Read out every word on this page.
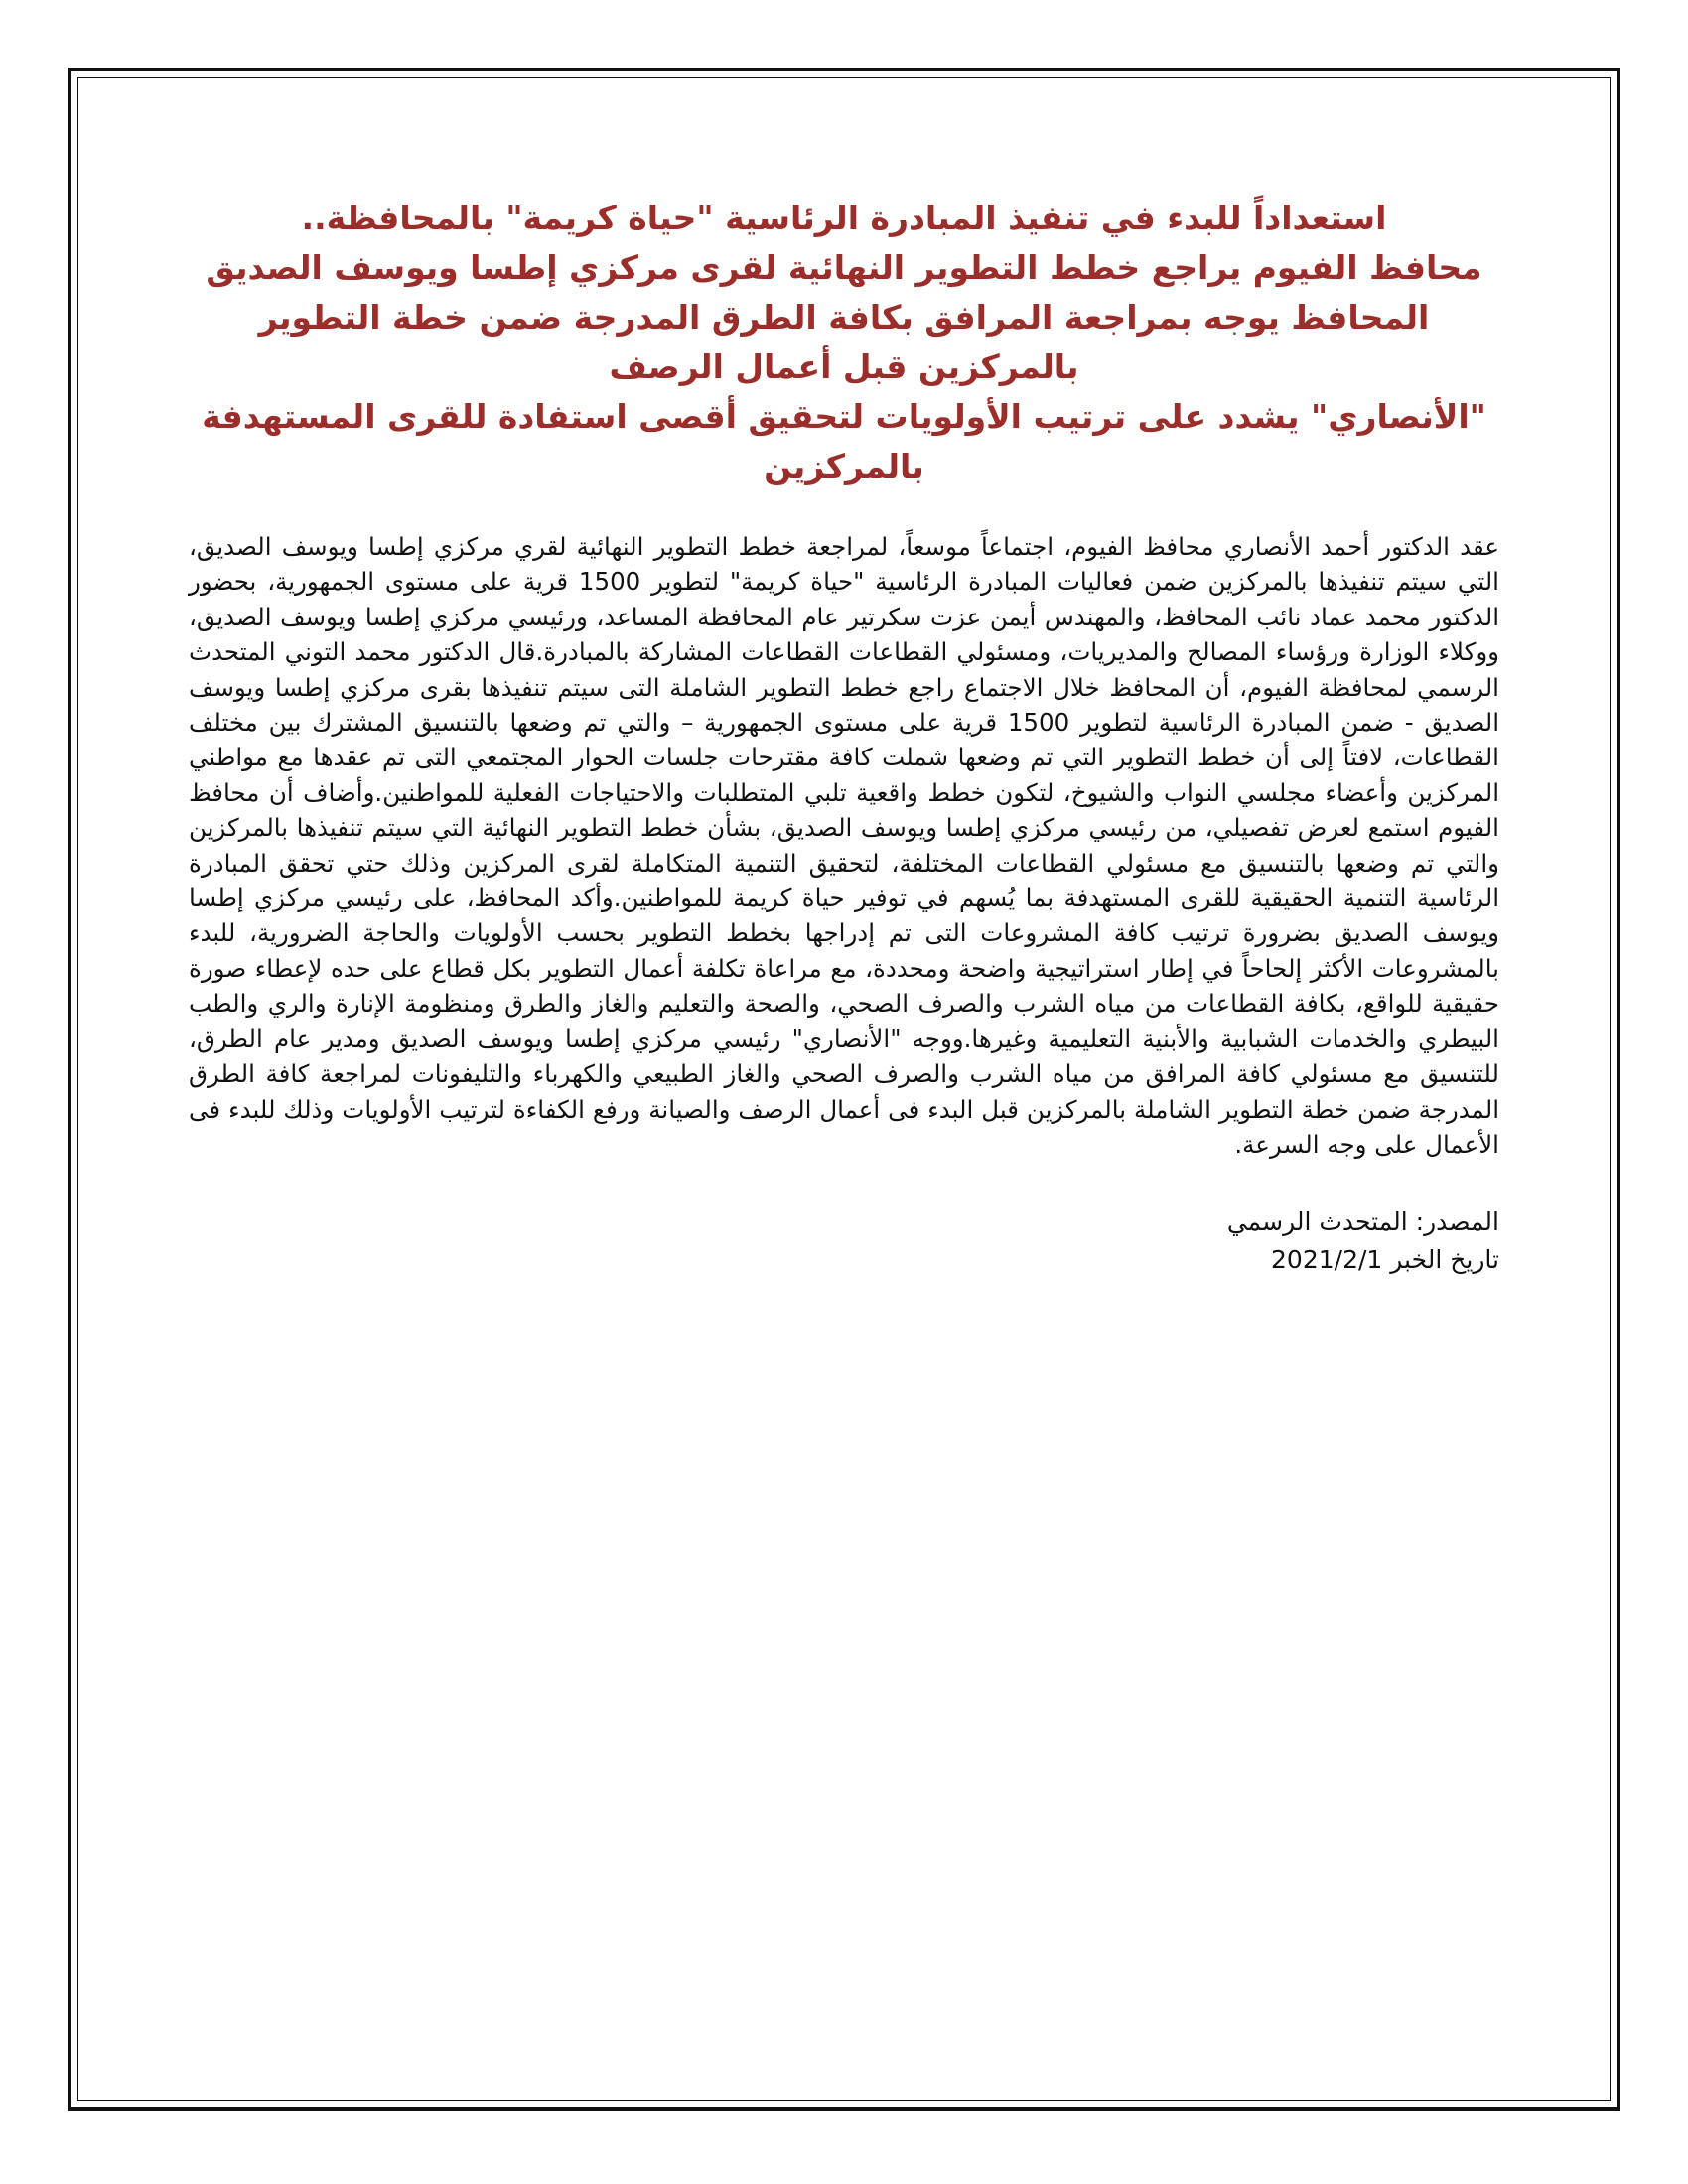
استعداداً للبدء في تنفيذ المبادرة الرئاسية "حياة كريمة" بالمحافظة..

محافظ الفيوم يراجع خطط التطوير النهائية لقرى مركزي إطسا ويوسف الصديق

المحافظ يوجه بمراجعة المرافق بكافة الطرق المدرجة ضمن خطة التطوير

بالمركزين قبل أعمال الرصف

"الأنصاري" يشدد على ترتيب الأولويات لتحقيق أقصى استفادة للقرى المستهدفة

بالمركزين

عقد الدكتور أحمد الأنصاري محافظ الفيوم، اجتماعاً موسعاً، لمراجعة خطط التطوير النهائية لقري مركزي إطسا ويوسف الصديق، التي سيتم تنفيذها بالمركزين ضمن فعاليات المبادرة الرئاسية "حياة كريمة" لتطوير 1500 قرية على مستوى الجمهورية، بحضور الدكتور محمد عماد نائب المحافظ، والمهندس أيمن عزت سكرتير عام المحافظة المساعد، ورئيسي مركزي إطسا ويوسف الصديق، ووكلاء الوزارة ورؤساء المصالح والمديريات، ومسئولي القطاعات القطاعات المشاركة بالمبادرة.قال الدكتور محمد التوني المتحدث الرسمي لمحافظة الفيوم، أن المحافظ خلال الاجتماع راجع خطط التطوير الشاملة التى سيتم تنفيذها بقرى مركزي إطسا ويوسف الصديق - ضمن المبادرة الرئاسية لتطوير 1500 قرية على مستوى الجمهورية – والتي تم وضعها بالتنسيق المشترك بين مختلف القطاعات، لافتاً إلى أن خطط التطوير التي تم وضعها شملت كافة مقترحات جلسات الحوار المجتمعي التى تم عقدها مع مواطني المركزين وأعضاء مجلسي النواب والشيوخ، لتكون خطط واقعية تلبي المتطلبات والاحتياجات الفعلية للمواطنين.وأضاف أن محافظ الفيوم استمع لعرض تفصيلي، من رئيسي مركزي إطسا ويوسف الصديق، بشأن خطط التطوير النهائية التي سيتم تنفيذها بالمركزين والتي تم وضعها بالتنسيق مع مسئولي القطاعات المختلفة، لتحقيق التنمية المتكاملة لقرى المركزين وذلك حتي تحقق المبادرة الرئاسية التنمية الحقيقية للقرى المستهدفة بما يُسهم في توفير حياة كريمة للمواطنين.وأكد المحافظ، على رئيسي مركزي إطسا ويوسف الصديق بضرورة ترتيب كافة المشروعات التى تم إدراجها بخطط التطوير بحسب الأولويات والحاجة الضرورية، للبدء بالمشروعات الأكثر إلحاحاً في إطار استراتيجية واضحة ومحددة، مع مراعاة تكلفة أعمال التطوير بكل قطاع على حده لإعطاء صورة حقيقية للواقع، بكافة القطاعات من مياه الشرب والصرف الصحي، والصحة والتعليم والغاز والطرق ومنظومة الإنارة والري والطب البيطري والخدمات الشبابية والأبنية التعليمية وغيرها.ووجه "الأنصاري" رئيسي مركزي إطسا ويوسف الصديق ومدير عام الطرق، للتنسيق مع مسئولي كافة المرافق من مياه الشرب والصرف الصحي والغاز الطبيعي والكهرباء والتليفونات لمراجعة كافة الطرق المدرجة ضمن خطة التطوير الشاملة بالمركزين قبل البدء فى أعمال الرصف والصيانة ورفع الكفاءة لترتيب الأولويات وذلك للبدء فى الأعمال على وجه السرعة.

المصدر: المتحدث الرسمي
تاريخ الخبر 2021/2/1
